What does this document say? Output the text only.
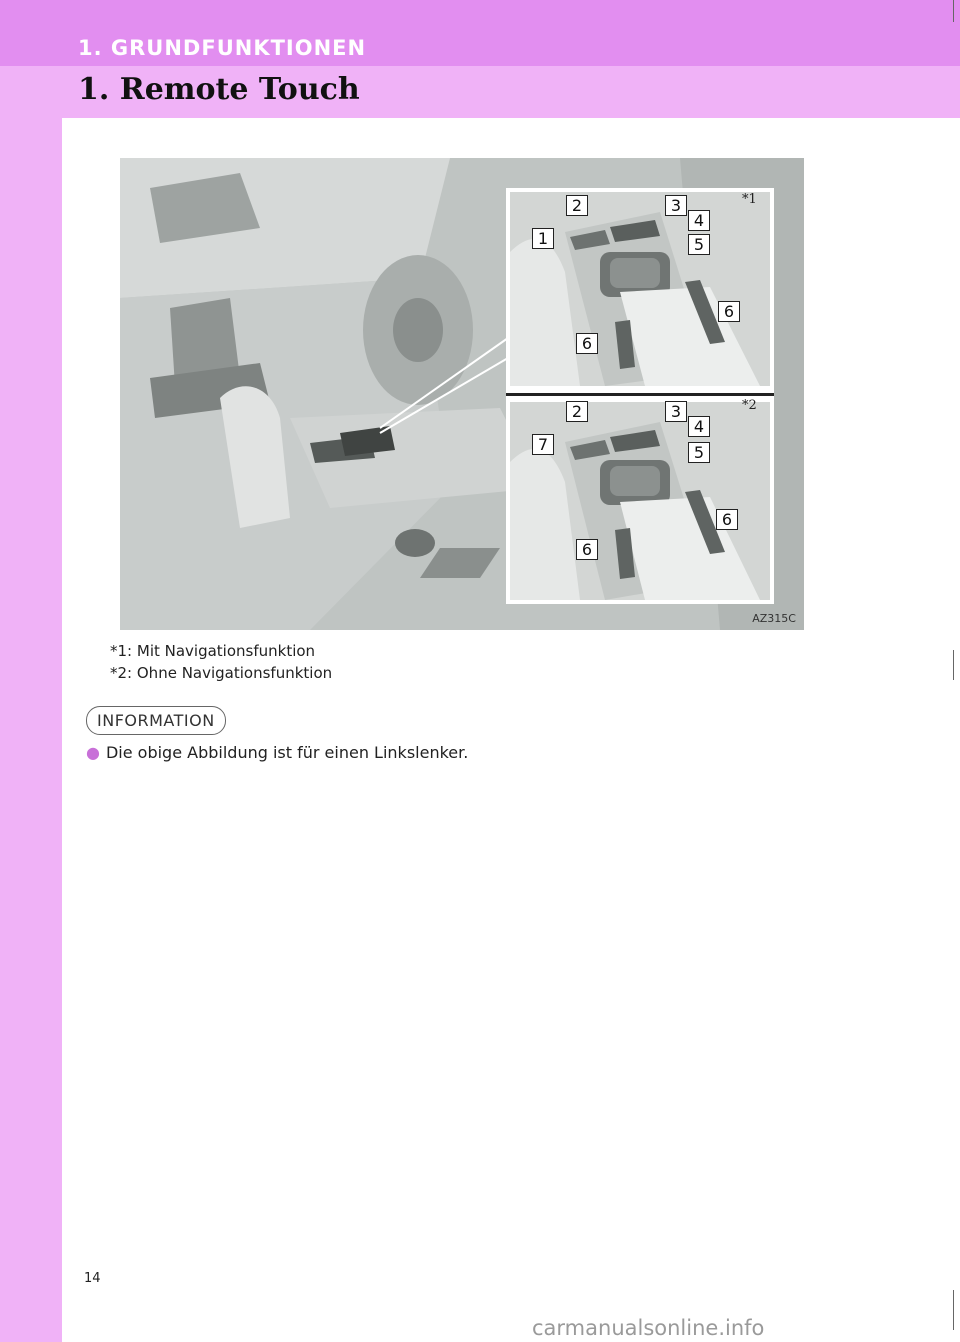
1. GRUNDFUNKTIONEN
1. Remote Touch
AZ315C
*1
*2
2	3
4
1	5
6
6
2	3
4
7	5
6
6
*1: Mit Navigationsfunktion
*2: Ohne Navigationsfunktion
INFORMATION
● Die obige Abbildung ist für einen Linkslenker.
14
carmanualsonline.info
